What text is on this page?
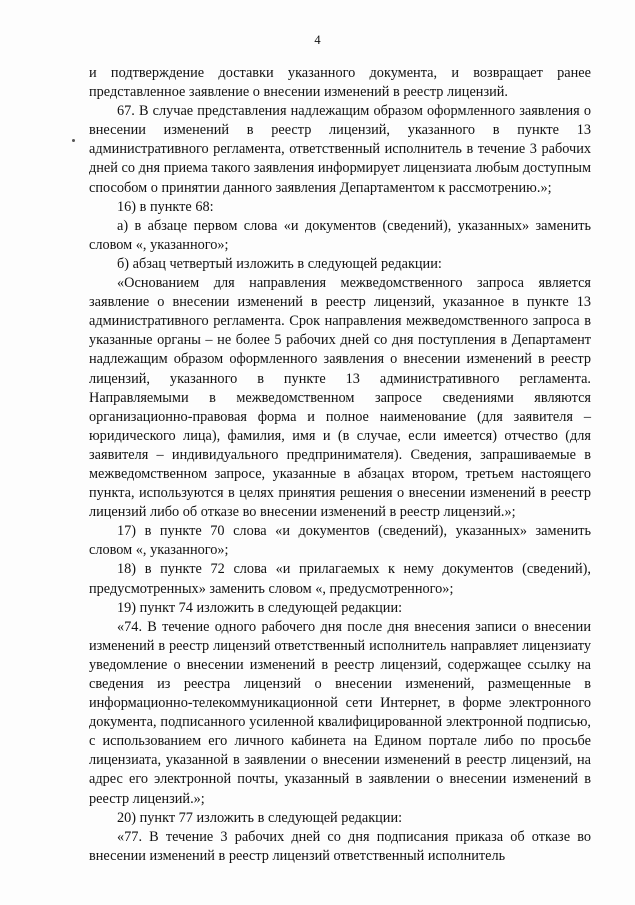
4

и подтверждение доставки указанного документа, и возвращает ранее представленное заявление о внесении изменений в реестр лицензий.

67. В случае представления надлежащим образом оформленного заявления о внесении изменений в реестр лицензий, указанного в пункте 13 административного регламента, ответственный исполнитель в течение 3 рабочих дней со дня приема такого заявления информирует лицензиата любым доступным способом о принятии данного заявления Департаментом к рассмотрению.»;

16) в пункте 68:

а) в абзаце первом слова «и документов (сведений), указанных» заменить словом «, указанного»;

б) абзац четвертый изложить в следующей редакции:

«Основанием для направления межведомственного запроса является заявление о внесении изменений в реестр лицензий, указанное в пункте 13 административного регламента. Срок направления межведомственного запроса в указанные органы – не более 5 рабочих дней со дня поступления в Департамент надлежащим образом оформленного заявления о внесении изменений в реестр лицензий, указанного в пункте 13 административного регламента. Направляемыми в межведомственном запросе сведениями являются организационно-правовая форма и полное наименование (для заявителя – юридического лица), фамилия, имя и (в случае, если имеется) отчество (для заявителя – индивидуального предпринимателя). Сведения, запрашиваемые в межведомственном запросе, указанные в абзацах втором, третьем настоящего пункта, используются в целях принятия решения о внесении изменений в реестр лицензий либо об отказе во внесении изменений в реестр лицензий.»;

17) в пункте 70 слова «и документов (сведений), указанных» заменить словом «, указанного»;

18) в пункте 72 слова «и прилагаемых к нему документов (сведений), предусмотренных» заменить словом «, предусмотренного»;

19) пункт 74 изложить в следующей редакции:

«74. В течение одного рабочего дня после дня внесения записи о внесении изменений в реестр лицензий ответственный исполнитель направляет лицензиату уведомление о внесении изменений в реестр лицензий, содержащее ссылку на сведения из реестра лицензий о внесении изменений, размещенные в информационно-телекоммуникационной сети Интернет, в форме электронного документа, подписанного усиленной квалифицированной электронной подписью, с использованием его личного кабинета на Едином портале либо по просьбе лицензиата, указанной в заявлении о внесении изменений в реестр лицензий, на адрес его электронной почты, указанный в заявлении о внесении изменений в реестр лицензий.»;

20) пункт 77 изложить в следующей редакции:

«77. В течение 3 рабочих дней со дня подписания приказа об отказе во внесении изменений в реестр лицензий ответственный исполнитель
